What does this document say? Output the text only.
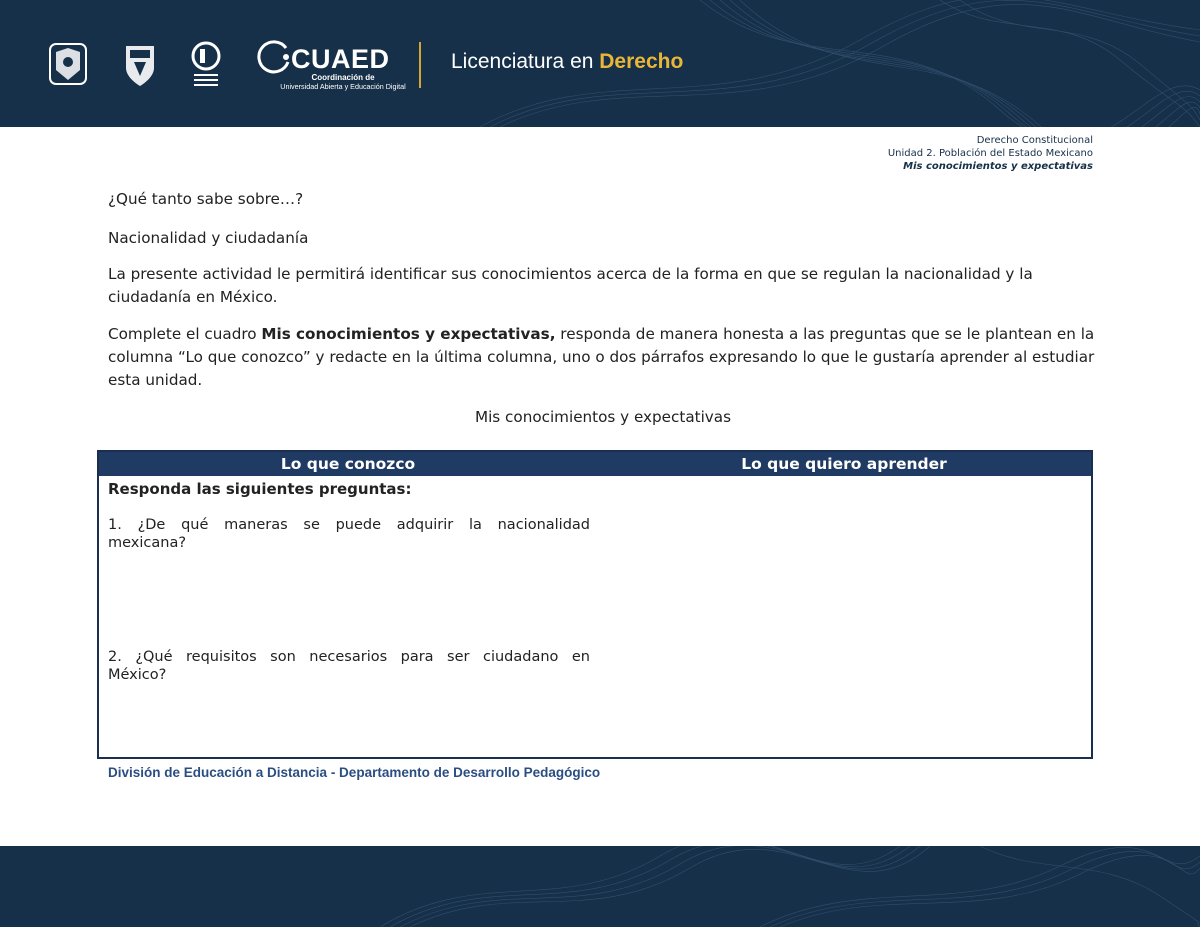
CUAED
Coordinación de
Universidad Abierta y Educación Digital
Licenciatura en Derecho
Derecho Constitucional
Unidad 2. Población del Estado Mexicano
Mis conocimientos y expectativas

¿Qué tanto sabe sobre…?

Nacionalidad y ciudadanía

La presente actividad le permitirá identificar sus conocimientos acerca de la forma en que se regulan la nacionalidad y la ciudadanía en México.

Complete el cuadro Mis conocimientos y expectativas, responda de manera honesta a las preguntas que se le plantean en la columna “Lo que conozco” y redacte en la última columna, uno o dos párrafos expresando lo que le gustaría aprender al estudiar esta unidad.

Mis conocimientos y expectativas

Lo que conozco	Lo que quiero aprender

Responda las siguientes preguntas:

1. ¿De qué maneras se puede adquirir la nacionalidad mexicana?

2. ¿Qué requisitos son necesarios para ser ciudadano en México?

División de Educación a Distancia - Departamento de Desarrollo Pedagógico
